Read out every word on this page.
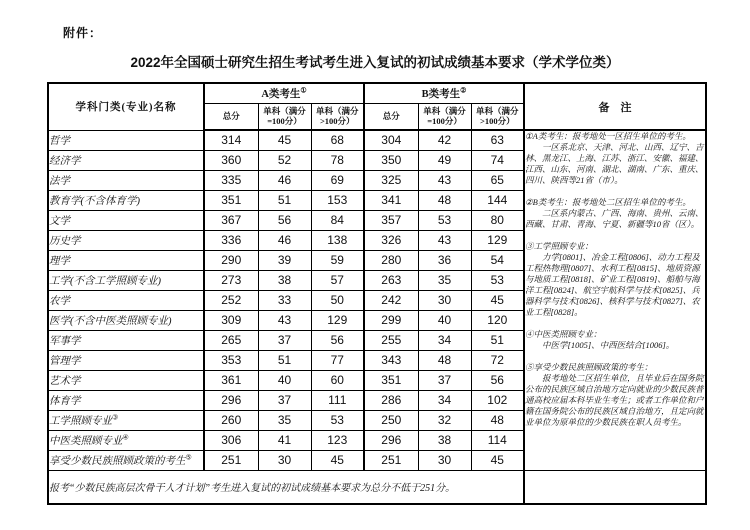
附件：
2022年全国硕士研究生招生考试考生进入复试的初试成绩基本要求（学术学位类）
学科门类(专业)名称	A类考生①			B类考生②			备　注
	总分	单科（满分=100分）	单科（满分>100分）	总分	单科（满分=100分）	单科（满分>100分）	
哲学	314	45	68	304	42	63	①A类考生：报考地处一区招生单位的考生。
一区系北京、天津、河北、山西、辽宁、吉林、黑龙江、上海、江苏、浙江、安徽、福建、江西、山东、河南、湖北、湖南、广东、重庆、四川、陕西等21省（市）。
②B类考生：报考地处二区招生单位的考生。
二区系内蒙古、广西、海南、贵州、云南、西藏、甘肃、青海、宁夏、新疆等10省（区）。
③工学照顾专业：
力学[0801]、冶金工程[0806]、动力工程及工程热物理[0807]、水利工程[0815]、地质资源与地质工程[0818]、矿业工程[0819]、船舶与海洋工程[0824]、航空宇航科学与技术[0825]、兵器科学与技术[0826]、核科学与技术[0827]、农业工程[0828]。
④中医类照顾专业：
中医学[1005]、中西医结合[1006]。
⑤享受少数民族照顾政策的考生：
报考地处二区招生单位，且毕业后在国务院公布的民族区域自治地方定向就业的少数民族普通高校应届本科毕业生考生；或者工作单位和户籍在国务院公布的民族区域自治地方，且定向就业单位为原单位的少数民族在职人员考生。

经济学	360	52	78	350	49	74	
法学	335	46	69	325	43	65	
教育学(不含体育学)	351	51	153	341	48	144	
文学	367	56	84	357	53	80	
历史学	336	46	138	326	43	129	
理学	290	39	59	280	36	54	
工学(不含工学照顾专业)	273	38	57	263	35	53	
农学	252	33	50	242	30	45	
医学(不含中医类照顾专业)	309	43	129	299	40	120	
军事学	265	37	56	255	34	51	
管理学	353	51	77	343	48	72	
艺术学	361	40	60	351	37	56	
体育学	296	37	111	286	34	102	
工学照顾专业③	260	35	53	250	32	48	
中医类照顾专业④	306	41	123	296	38	114	
享受少数民族照顾政策的考生⑤	251	30	45	251	30	45	
报考“少数民族高层次骨干人才计划”考生进入复试的初试成绩基本要求为总分不低于251分。							
